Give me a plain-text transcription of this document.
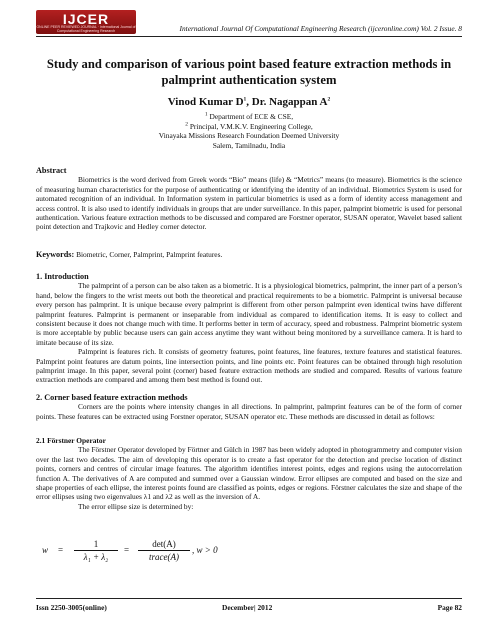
IJCER
ONLINE PEER REVIEWED JOURNAL · International Journal of Computational Engineering Research	International Journal Of Computational Engineering Research (ijceronline.com) Vol. 2 Issue. 8
Study and comparison of various point based feature extraction methods in palmprint authentication system
Vinod Kumar $D^1$, Dr. Nagappan $A^2$
$^1$ Department of ECE & CSE,
$^2$ Principal, V.M.K.V. Engineering College,
Vinayaka Missions Research Foundation Deemed University
Salem, Tamilnadu, India
Abstract

Biometrics is the word derived from Greek words “Bio” means (life) & “Metrics” means (to measure). Biometrics is the science of measuring human characteristics for the purpose of authenticating or identifying the identity of an individual. Biometrics System is used for automated recognition of an individual. In Information system in particular biometrics is used as a form of identity access management and access control. It is also used to identify individuals in groups that are under surveillance. In this paper, palmprint biometric is used for personal authentication. Various feature extraction methods to be discussed and compared are Forstner operator, SUSAN operator, Wavelet based salient point detection and Trajkovic and Hedley corner detector.

Keywords: Biometric, Corner, Palmprint, Palmprint features.
1. Introduction

The palmprint of a person can be also taken as a biometric. It is a physiological biometrics, palmprint, the inner part of a person’s hand, below the fingers to the wrist meets out both the theoretical and practical requirements to be a biometric. Palmprint is universal because every person has palmprint. It is unique because every palmprint is different from other person palmprint even identical twins have different palmprint features. Palmprint is permanent or inseparable from individual as compared to identification items. It is easy to collect and consistent because it does not change much with time. It performs better in term of accuracy, speed and robustness. Palmprint biometric system is more acceptable by public because users can gain access anytime they want without being monitored by a surveillance camera. It is hard to imitate because of its size.

Palmprint is features rich. It consists of geometry features, point features, line features, texture features and statistical features. Palmprint point features are datum points, line intersection points, and line points etc. Point features can be obtained through high resolution palmprint image. In this paper, several point (corner) based feature extraction methods are studied and compared. Results of various feature extraction methods are compared and among them best method is found out.

2. Corner based feature extraction methods

Corners are the points where intensity changes in all directions. In palmprint, palmprint features can be of the form of corner points. These features can be extracted using Forstner operator, SUSAN operator etc. These methods are discussed in detail as follows:

2.1 Förstner Operator

The Förstner Operator developed by Förtner and Gülch in 1987 has been widely adopted in photogrammetry and computer vision over the last two decades. The aim of developing this operator is to create a fast operator for the detection and precise location of distinct points, corners and centres of circular image features. The algorithm identifies interest points, edges and regions using the autocorrelation function A. The derivatives of A are computed and summed over a Gaussian window. Error ellipses are computed and based on the size and shape properties of each ellipse, the interest points found are classified as points, edges or regions. Förstner calculates the size and shape of the error ellipses using two eigenvalues λ1 and λ2 as well as the inversion of A.

The error ellipse size is determined by:

$w = \frac{1}{\text{λ₁ + λ₂}}$ =
det(A)
trace(A)
, w > 0
Issn 2250-3005(online)	December| 2012	Page 82
